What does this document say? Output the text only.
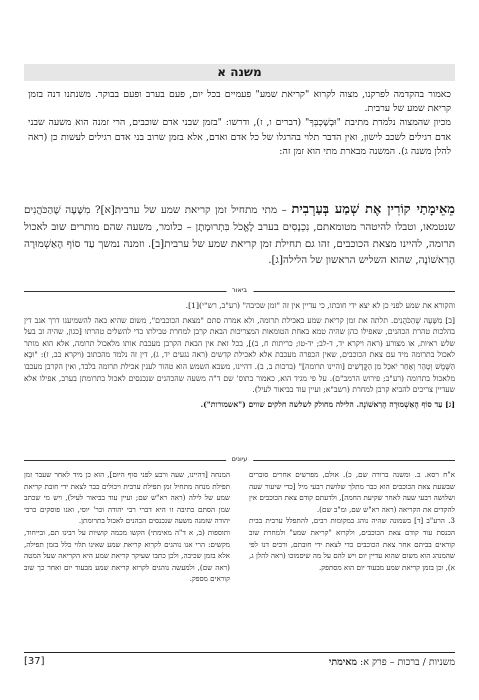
משנה א

כאמור בהקדמה לפרקנו, מצוה לקרוא "קריאת שמע" פעמיים בכל יום, פעם בערב ופעם בבוקר. משנתנו דנה בזמן קריאת שמע של ערבית.

מכיון שהמצוה נלמדת מתיבת "וּבְשָׁכְבְּךָ" (דברים ו, ז), ודרשו: "בזמן שבני אדם שוכבים, הרי זמנה הוא משעה שבני אדם רגילים לשכב לישון, ואין הדבר תלוי בהרגלו של כל אדם ואדם, אלא בזמן שרוב בני אדם רגילים לעשות כן (ראה להלן משנה ג). המשנה מבארת מתי הוא זמן זה:

מֵאֵימָתַי קוֹרִין אֶת שְׁמַע בְּעַרְבִית – מתי מתחיל זמן קריאת שמע של ערבית[א]? מִשָּׁעָה שֶׁהַכֹּהֲנִים שנטמאו, וטבלו להיטהר מטומאתם, נִכְנָסִים בערב לֶאֱכֹל בִּתְרוּמָתָן – כלומר, משעה שהם מותרים שוב לאכול תרומה, להיינו מצאת הכוכבים, זהו גם תחילת זמן קריאת שמע של ערבית[ב]. וזמנה נמשך עַד סוֹף הָאַשְׁמוּרָה הָרִאשׁוֹנָה, שהוא השליש הראשון של הלילה[ג].

ביאור

והקורא את שמע לפני כן לא יצא ידי חובתו, כי עדיין אין זה "זמן שכיבה" (רע"ב, רש"י)[1].

[ב] מִשָּׁעָה שֶׁהַכֹּהֲנִים. תלתה את זמן קריאת שמע באכילת תרומה, ולא אמרה סתם "מצאת הכוכבים", משום שהיא באה להשמיענו דרך אגב דין בהלכות טהרת הכהנים, שאפילו כהן שהיה טמא באחת הטומאות המצריכות הבאת קרבן למחרת טבילתו כדי להשלים טהרתו [כגון, שהיה זב בעל שלש ראיות, או מצורע (ראה ויקרא יד, ד-לב; יד-טו; כריתות ח, ב)], בכל זאת אין הבאת הקרבן מעכבת אותו מלאכול תרומה, אלא הוא מותר לאכול בתרומה מיד עם צאת הכוכבים, שאין הכפרה מעכבת אלא לאכילת קדשים (ראה נגעים יד, ג), דין זה נלמד מהכתוב (ויקרא כב, ז): "וּבָא הַשֶּׁמֶשׁ וְטָהֵר וְאַחַר יֹאכַל מִן הַקֳּדָשִׁים [והיינו תרומה]" (ברכות ב, ב). דהיינו, משבא השמש הוא טהור לענין אכילת תרומה בלבד, ואין הקרבן מעכבו מלאכול בתרומה (רע"ב; פירוש הרמב"ם). על פי מגיד הוא, כאמור בתוס' שם ד"ה משעה שהכהנים שנכנסים לאכול בתרומתן בערב, אפילו אלא שעדיין צריכים להביא קרבן למחרת (רשב"א; ועיין עוד בביאור לעיל).

[ג] עַד סוֹף הָאַשְׁמוּרָה הָרִאשׁוֹנָה. הלילה מחולק לשלשה חלקים שווים ("אשמורות").

עיונים

א"ח רסא. ב. ומשנה ברורה שם, כ). אולם, מפרשים אחרים סוברים שבשעת צאת הכוכבים הוא כבר מתלך שלושת רבעי מיל [כדי שיעור שעה ושלושה רבעי שעה לאחר שקיעת החמה], ולדעתם קודם צאת הכוכבים אין להקדים את הקריאה (ראה רא"ש שם, ומ"ב שם).

3. הרע"ב [ד] בשמונה שהיה נוהג במקומות רבים, להתפלל ערבית בבית הכנסת עוד קודם צאת הכוכבים, ולקרוא "קריאת שמע" ולמחרת שוב קוראים בביתם אחר צאת הכוכבים כדי לצאת ידי חובתם, ורבים דנו לפי שהמנהג הוא משום שהוא עדיין יום ויש להם על מה שיסמוכו (ראה להלן ג, א), וכן בזמן קריאת שמע מבעוד יום הוא מסתפק.

המנחה [דהיינו, שעה ורבע לפני סוף היום], הוא כן מיד לאחר שעבר זמן תפילת מנחה מתחיל זמן תפילת ערבית ויכולים כבר לצאת ידי חובת קריאת שמע של לילה (ראה רא"ש שם; ועיין עוד בביאור לעיל), ויש מי שכתב שמן הסתם כתיבה זו היא דברי רבי יהודה וכר' יוסי, ואנו פוסקים כרבי יהודה שזמנה משעה שנכנסים הכהנים לאכול בתרומתן.

ותוספות (ב, א ד"ה מאימתי) הקשו מכמה קושיות על רבינו תם, ובייחוד, מקשים: הרי אנו נוהגים לקרוא קריאת שמע שאינו תלוי כלל בזמן תפילה, אלא בזמן שכיבה, ולכן כתבו שעיקר קריאת שמע היא הקריאה שעל המטה (ראה שם), ולמעשה נוהגים לקרוא קריאת שמע מבעוד יום ואחר כך שוב קוראים מספק.

[37]	משניות / ברכות – פרק א: מאימתי
